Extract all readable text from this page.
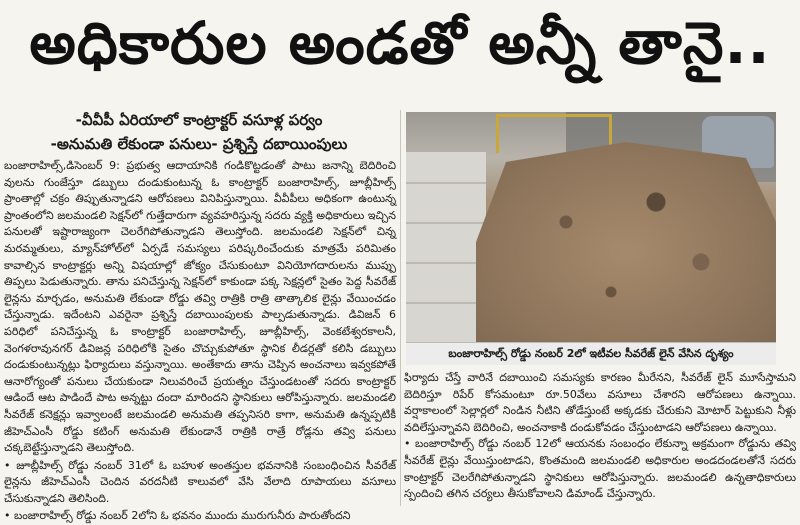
అధికారుల అండతో అన్నీ తానై..
-వీవీపీ ఏరియాలో కాంట్రాక్టర్ వసూళ్ల పర్వం
-అనుమతి లేకుండా పనులు- ప్రశ్నిస్తే దబాయింపులు

బంజారాహిల్స్,డిసెంబర్ 9: ప్రభుత్వ ఆదాయానికి గండికొట్టడంతో పాటు జనాన్ని బెదిరించి వులను గుంజేస్తూ డబ్బులు దండుకుంటున్న ఓ కాంట్రాక్టర్ బంజారాహిల్స్, జూబ్లీహిల్స్ ప్రాంతాల్లో చక్రం తిప్పుతున్నాడని ఆరోపణలు వినిపిస్తున్నాయి. వీవీపీలు అధికంగా ఉంటున్న ప్రాంతంలోని జలమండలి సెక్షన్‌లో గుత్తేదారుగా వ్యవహరిస్తున్న సదరు వ్యక్తి అధికారులు ఇచ్చిన పనులతో ఇష్టారాజ్యంగా చెలరేగిపోతున్నాడని తెలుస్తోంది. జలమండలి సెక్షన్‌లో చిన్న మరమ్మతులు, మ్యాన్‌హోల్‌లో ఏర్పడే సమస్యలు పరిష్కరించేందుకు మాత్రమే పరిమితం కావాల్సిన కాంట్రాక్టర్లు అన్ని విషయాల్లో జోక్యం చేసుకుంటూ వినియోగదారులను ముప్పు తిప్పలు పెడుతున్నారు. తాను పనిచేస్తున్న సెక్షన్‌లో కాకుండా పక్క సెక్షన్లలో సైతం పెద్ద సీవరేజ్ లైన్లను మార్చడం, అనుమతి లేకుండా రోడ్డు తవ్వి రాత్రికి రాత్రి తాత్కాలిక లైన్లు వేయించడం చేస్తున్నాడు. ఇదేంటని ఎవరైనా ప్రశ్నిస్తే దబాయింపులకు పాల్పడుతున్నాడు. డివిజన్ 6 పరిధిలో పనిచేస్తున్న ఓ కాంట్రాక్టర్ బంజారాహిల్స్, జూబ్లీహిల్స్, వెంకటేశ్వరకాలనీ, వెంగళరావునగర్ డివిజన్ల పరిధిలోకి సైతం చొచ్చుకుపోతూ స్థానిక లీడర్లతో కలిసి డబ్బులు దండుకుంటున్నట్లు ఫిర్యాదులు వస్తున్నాయి. అంతేకాదు తాను చెప్పిన అంచనాలు ఇవ్వకపోతే ఆనారోగ్యంతో పనులు చేయకుండా నిలువరించే ప్రయత్నం చేస్తుండటంతో సదరు కాంట్రాక్టర్ ఆడిందే ఆట పాడిందే పాట అన్నట్టు దందా మారిందని స్థానికులు ఆరోపిస్తున్నారు. జలమండలి సీవరేజ్ కనెక్షన్లు ఇవ్వాలంటే జలమండలి అనుమతి తప్పనిసరి కాగా, అనుమతి ఉన్నప్పటికీ జీహెచ్ఎంసీ రోడ్డు కటింగ్ అనుమతి లేకుండానే రాత్రికి రాత్రే రోడ్లను తవ్వి పనులు చక్కబెట్టేస్తున్నాడని తెలుస్తోంది.

• జూబ్లీహిల్స్ రోడ్డు నంబర్ 31లో ఓ బహుళ అంతస్తుల భవనానికి సంబంధించిన సీవరేజ్ లైన్లను జీహెచ్ఎంసీ చెందిన వరదనీటి కాలువలో వేసి వేలాది రూపాయలు వసూలు చేసుకున్నాడని తెలిసింది.

• బంజారాహిల్స్ రోడ్డు నంబర్ 2లోని ఓ భవనం ముందు మురుగునీరు పారుతోందని

బంజారాహిల్స్ రోడ్డు నంబర్ 2లో ఇటీవల సీవరేజ్ లైన్ వేసిన దృశ్యం

ఫిర్యాదు చేస్తే వారినే దబాయించి సమస్యకు కారణం మీరేనని, సీవరేజ్ లైన్ మూసేస్తామని బెదిరిస్తూ రిపేర్ కోసమంటూ రూ.50వేలు వసూలు చేశారని ఆరోపణలు ఉన్నాయి. వర్షాకాలంలో సెల్లార్లలో నిండిన నీటిని తోడేస్తుంటే అక్కడకు చేరుకుని మోటార్ పెట్టుకుని నీళ్లు వదిలేస్తున్నావని బెదిరించి, అంచనాకాకి దండుకోవడం చేస్తుంటాడని ఆరోపణలు ఉన్నాయి.

• బంజారాహిల్స్ రోడ్డు నంబర్ 12లో ఆయనకు సంబంధం లేకున్నా అక్రమంగా రోడ్డును తవ్వి సీవరేజ్ లైన్లు వేయిస్తుంటాడని, కొంతమంది జలమండలి అధికారుల అండదండలతోనే సదరు కాంట్రాక్టర్ చెలరేగిపోతున్నాడని స్థానికులు ఆరోపిస్తున్నారు. జలమండలి ఉన్నతాధికారులు స్పందించి తగిన చర్యలు తీసుకోవాలని డిమాండ్ చేస్తున్నారు.
